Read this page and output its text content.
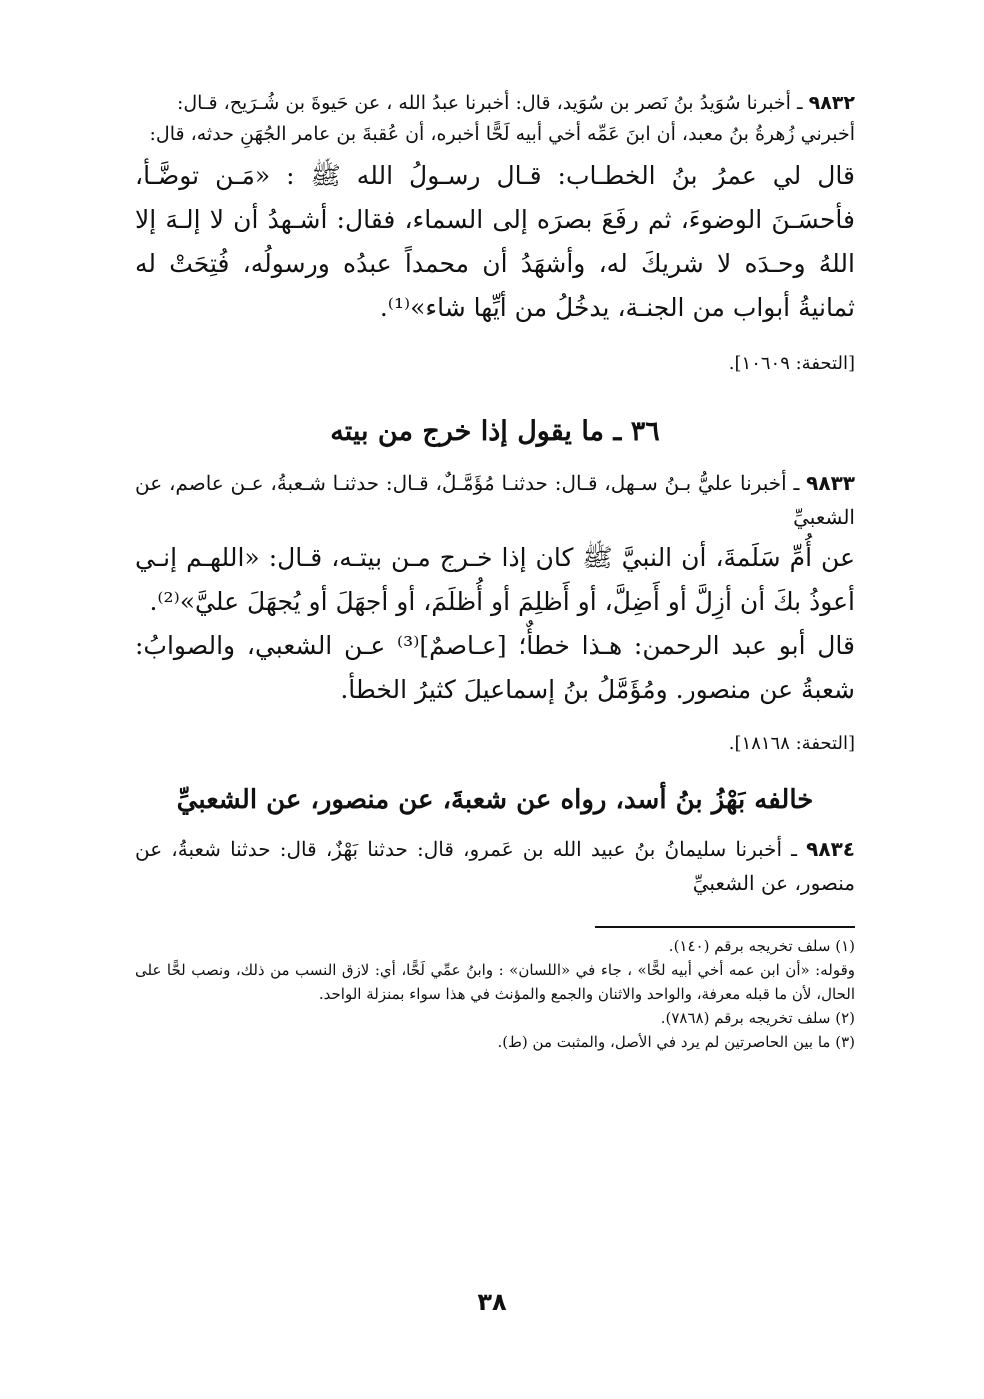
٩٨٣٢ ـ أخبرنا سُوَيدُ بنُ نَصر بن سُوَيد، قال: أخبرنا عبدُ الله ، عن حَيوةَ بن شُـرَيح، قـال:

أخبرني زُهرةُ بنُ معبد، أن ابنَ عَمِّه أخي أبيه لَحًّا أخبره، أن عُقبةَ بن عامر الجُهَنِ حدثه، قال:

قال لي عمرُ بنُ الخطـاب: قـال رسـولُ الله ﷺ : «مَـن توضَّـأ، فأحسَـنَ الوضوءَ، ثم رفَعَ بصرَه إلى السماء، فقال: أشـهدُ أن لا إلـهَ إلا اللهُ وحـدَه لا شريكَ له، وأشهَدُ أن محمداً عبدُه ورسولُه، فُتِحَتْ له ثمانيةُ أبواب من الجنـة، يدخُلُ من أيِّها شاء»⁽¹⁾.

[التحفة: ١٠٦٠٩].

٣٦ ـ ما يقول إذا خرج من بيته

٩٨٣٣ ـ أخبرنا عليُّ بـنُ سـهل، قـال: حدثنـا مُؤَمَّـلٌ، قـال: حدثنـا شـعبةُ، عـن عاصم، عن الشعبيِّ

عن أُمِّ سَلَمةَ، أن النبيَّ ﷺ كان إذا خـرج مـن بيتـه، قـال: «اللهـم إنـي أعوذُ بكَ أن أزِلَّ أو أَضِلَّ، أو أَظلِمَ أو أُظلَمَ، أو أجهَلَ أو يُجهَلَ عليَّ»⁽²⁾.

قال أبو عبد الرحمن: هـذا خطأٌ؛ [عـاصمٌ]⁽³⁾ عـن الشعبي، والصوابُ: شعبةُ عن منصور. ومُؤَمَّلُ بنُ إسماعيلَ كثيرُ الخطأ.

[التحفة: ١٨١٦٨].

خالفه بَهْزُ بنُ أسد، رواه عن شعبةَ، عن منصور، عن الشعبيِّ

٩٨٣٤ ـ أخبرنا سليمانُ بنُ عبيد الله بن عَمرو، قال: حدثنا بَهْزٌ، قال: حدثنا شعبةُ، عن منصور، عن الشعبيِّ

(١) سلف تخريجه برقم (١٤٠).

وقوله: «أن ابن عمه أخي أبيه لحًّا» ، جاء في «اللسان» : وابنُ عمِّي لَحًّا، أي: لازق النسب من ذلك، ونصب لحًّا على الحال، لأن ما قبله معرفة، والواحد والاثنان والجمع والمؤنث في هذا سواء بمنزلة الواحد.

(٢) سلف تخريجه برقم (٧٨٦٨).

(٣) ما بين الحاصرتين لم يرد في الأصل، والمثبت من (ط).

٣٨
